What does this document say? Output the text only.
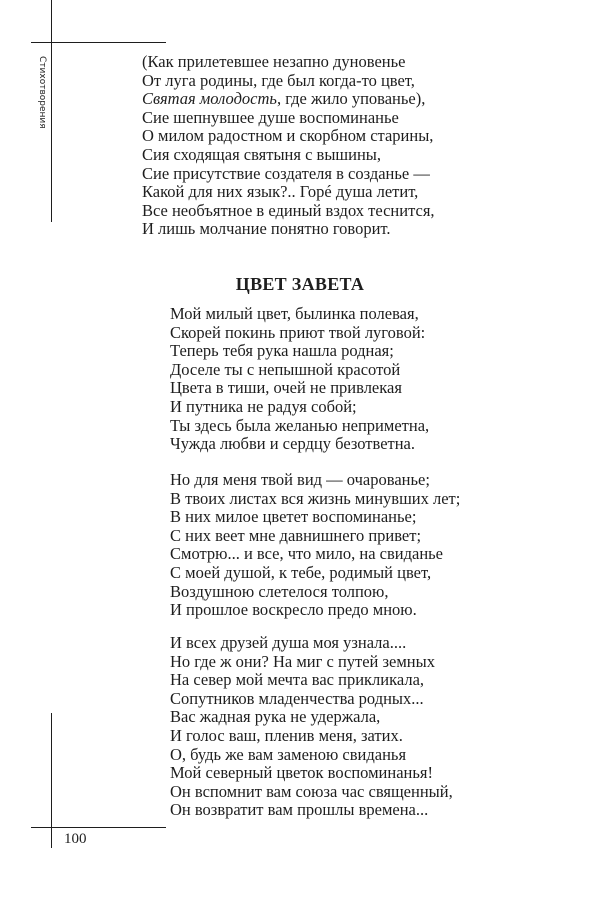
Стихотворения	(Как прилетевшее незапно дуновенье
От луга родины, где был когда-то цвет,
Святая молодость, где жило упованье),
Сие шепнувшее душе воспоминанье
О милом радостном и скорбном старины,
Сия сходящая святыня с вышины,
Сие присутствие создателя в созданье —
Какой для них язык?.. Горé душа летит,
Все необъятное в единый вздох теснится,
И лишь молчание понятно говорит.
ЦВЕТ ЗАВЕТА
Мой милый цвет, былинка полевая,
Скорей покинь приют твой луговой:
Теперь тебя рука нашла родная;
Доселе ты с непышной красотой
Цвета в тиши, очей не привлекая
И путника не радуя собой;
Ты здесь была желанью неприметна,
Чужда любви и сердцу безответна.
Но для меня твой вид — очарованье;
В твоих листах вся жизнь минувших лет;
В них милое цветет воспоминанье;
С них веет мне давнишнего привет;
Смотрю... и все, что мило, на свиданье
С моей душой, к тебе, родимый цвет,
Воздушною слетелося толпою,
И прошлое воскресло предо мною.
И всех друзей душа моя узнала....
Но где ж они? На миг с путей земных
На север мой мечта вас прикликала,
Сопутников младенчества родных...
Вас жадная рука не удержала,
И голос ваш, пленив меня, затих.
О, будь же вам заменою свиданья
Мой северный цветок воспоминанья!
Он вспомнит вам союза час священный,
Он возвратит вам прошлы времена...
100
